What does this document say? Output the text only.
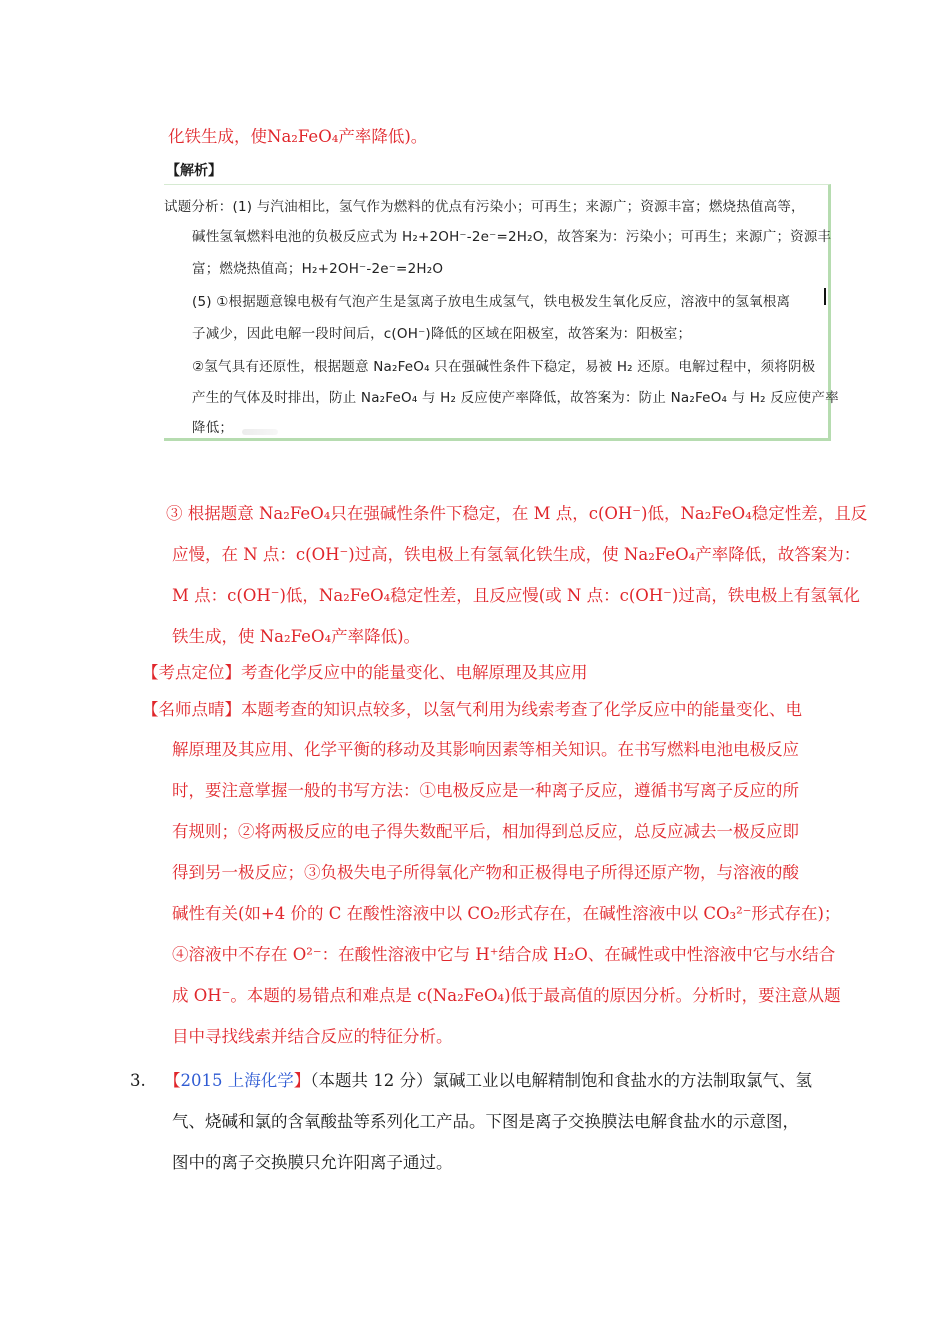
化铁生成，使Na₂FeO₄产率降低)。
【解析】
试题分析：(1) 与汽油相比，氢气作为燃料的优点有污染小；可再生；来源广；资源丰富；燃烧热值高等，
碱性氢氧燃料电池的负极反应式为 H₂+2OH⁻-2e⁻=2H₂O，故答案为：污染小；可再生；来源广；资源丰
富；燃烧热值高；H₂+2OH⁻-2e⁻=2H₂O
(5) ①根据题意镍电极有气泡产生是氢离子放电生成氢气，铁电极发生氧化反应，溶液中的氢氧根离
子减少，因此电解一段时间后，c(OH⁻)降低的区域在阳极室，故答案为：阳极室；
②氢气具有还原性，根据题意 Na₂FeO₄ 只在强碱性条件下稳定，易被 H₂ 还原。电解过程中，须将阴极
产生的气体及时排出，防止 Na₂FeO₄ 与 H₂ 反应使产率降低，故答案为：防止 Na₂FeO₄ 与 H₂ 反应使产率
降低；
③ 根据题意 Na₂FeO₄只在强碱性条件下稳定，在 M 点，c(OH⁻)低，Na₂FeO₄稳定性差，且反
应慢，在 N 点：c(OH⁻)过高，铁电极上有氢氧化铁生成，使 Na₂FeO₄产率降低，故答案为：
M 点：c(OH⁻)低，Na₂FeO₄稳定性差，且反应慢(或 N 点：c(OH⁻)过高，铁电极上有氢氧化
铁生成，使 Na₂FeO₄产率降低)。
【考点定位】考查化学反应中的能量变化、电解原理及其应用
【名师点晴】本题考查的知识点较多，以氢气利用为线索考查了化学反应中的能量变化、电
解原理及其应用、化学平衡的移动及其影响因素等相关知识。在书写燃料电池电极反应
时，要注意掌握一般的书写方法：①电极反应是一种离子反应，遵循书写离子反应的所
有规则；②将两极反应的电子得失数配平后，相加得到总反应，总反应减去一极反应即
得到另一极反应；③负极失电子所得氧化产物和正极得电子所得还原产物，与溶液的酸
碱性有关(如+4 价的 C 在酸性溶液中以 CO₂形式存在，在碱性溶液中以 CO₃²⁻形式存在)；
④溶液中不存在 O²⁻：在酸性溶液中它与 H⁺结合成 H₂O、在碱性或中性溶液中它与水结合
成 OH⁻。本题的易错点和难点是 c(Na₂FeO₄)低于最高值的原因分析。分析时，要注意从题
目中寻找线索并结合反应的特征分析。
3. 【2015 上海化学】（本题共 12 分）氯碱工业以电解精制饱和食盐水的方法制取氯气、氢
气、烧碱和氯的含氧酸盐等系列化工产品。下图是离子交换膜法电解食盐水的示意图，
图中的离子交换膜只允许阳离子通过。
